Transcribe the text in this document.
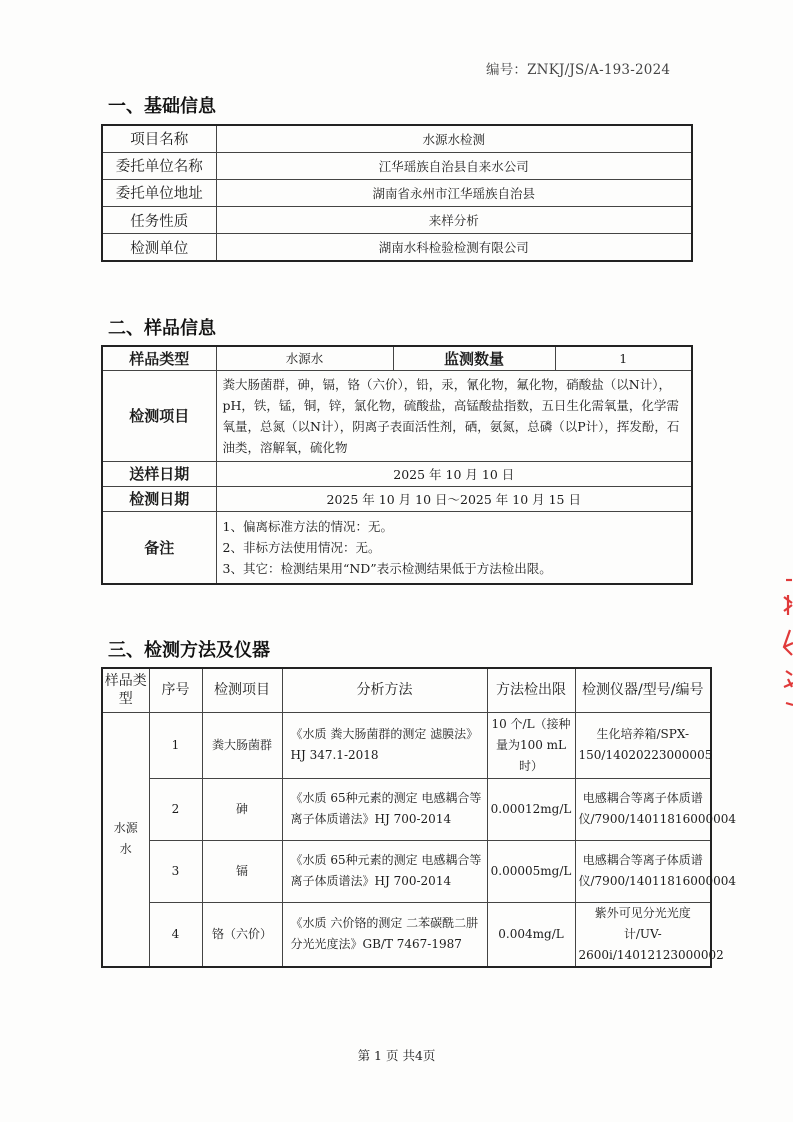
编号：ZNKJ/JS/A-193-2024
一、基础信息
项目名称	水源水检测
委托单位名称	江华瑶族自治县自来水公司
委托单位地址	湖南省永州市江华瑶族自治县
任务性质	来样分析
检测单位	湖南水科检验检测有限公司
二、样品信息
样品类型	水源水	监测数量	1
检测项目	粪大肠菌群，砷，镉，铬（六价），铅，汞，氰化物，氟化物，硝酸盐（以N计），pH，铁，锰，铜，锌，氯化物，硫酸盐，高锰酸盐指数，五日生化需氧量，化学需氧量，总氮（以N计），阴离子表面活性剂，硒，氨氮，总磷（以P计），挥发酚，石油类，溶解氧，硫化物		
送样日期	2025 年 10 月 10 日		
检测日期	2025 年 10 月 10 日～2025 年 10 月 15 日		
备注	1、偏离标准方法的情况：无。
2、非标方法使用情况：无。
3、其它：检测结果用“ND”表示检测结果低于方法检出限。		
三、检测方法及仪器
样品类型	序号	检测项目	分析方法	方法检出限	检测仪器/型号/编号
水源水	1	粪大肠菌群	《水质 粪大肠菌群的测定 滤膜法》HJ 347.1-2018	10 个/L（接种量为100 mL时）	生化培养箱/SPX-150/14020223000005
	2	砷	《水质 65种元素的测定 电感耦合等离子体质谱法》HJ 700-2014	0.00012mg/L	电感耦合等离子体质谱仪/7900/14011816000004
	3	镉	《水质 65种元素的测定 电感耦合等离子体质谱法》HJ 700-2014	0.00005mg/L	电感耦合等离子体质谱仪/7900/14011816000004
	4	铬（六价）	《水质 六价铬的测定 二苯碳酰二肼分光光度法》GB/T 7467-1987	0.004mg/L	紫外可见分光光度计/UV-2600i/14012123000002
第 1 页 共4页
